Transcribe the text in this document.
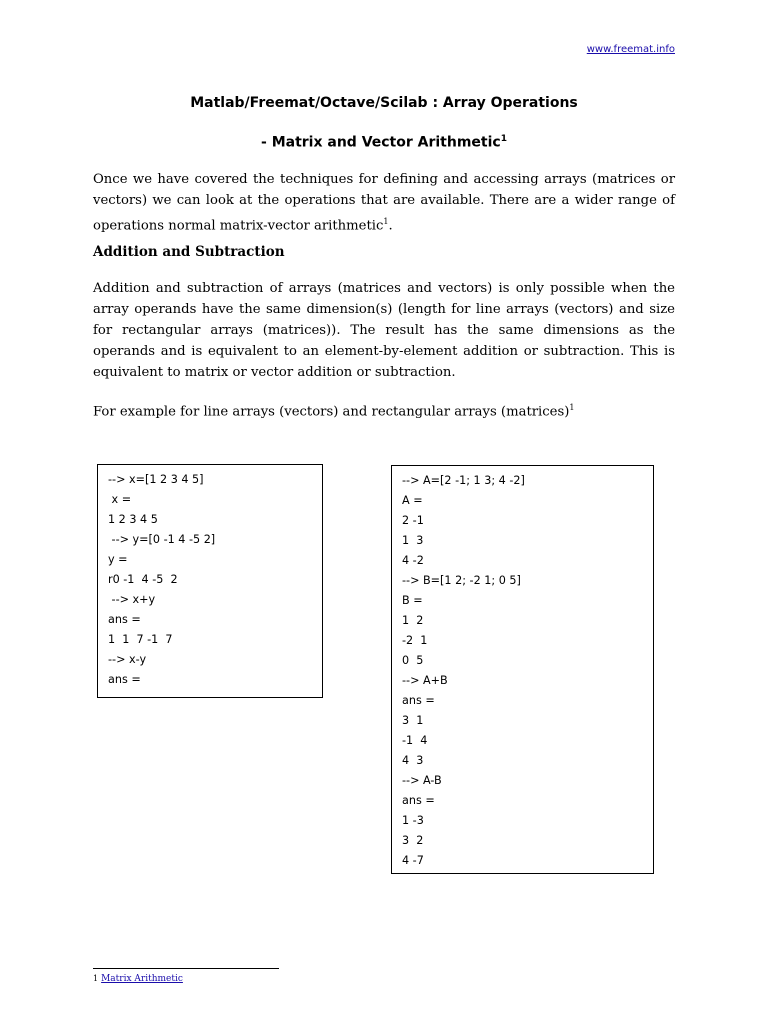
www.freemat.info
Matlab/Freemat/Octave/Scilab : Array Operations
- Matrix and Vector Arithmetic$^1$
Once we have covered the techniques for defining and accessing arrays (matrices or vectors) we can look at the operations that are available. There are a wider range of operations normal matrix-vector arithmetic$^1$.
Addition and Subtraction
Addition and subtraction of arrays (matrices and vectors) is only possible when the array operands have the same dimension(s) (length for line arrays (vectors) and size for rectangular arrays (matrices)). The result has the same dimensions as the operands and is equivalent to an element-by-element addition or subtraction. This is equivalent to matrix or vector addition or subtraction.
For example for line arrays (vectors) and rectangular arrays (matrices)$^1$
--> x=[1 2 3 4 5]
x =
1 2 3 4 5
--> y=[0 -1 4 -5 2]
y =
r0 -1  4 -5  2
--> x+y
ans =
1  1  7 -1  7
--> x-y
ans =
--> A=[2 -1; 1 3; 4 -2]
A =
2 -1
1  3
4 -2
--> B=[1 2; -2 1; 0 5]
B =
1  2
-2  1
0  5
--> A+B
ans =
3  1
-1  4
4  3
--> A-B
ans =
1 -3
3  2
4 -7
$^1$ Matrix Arithmetic
